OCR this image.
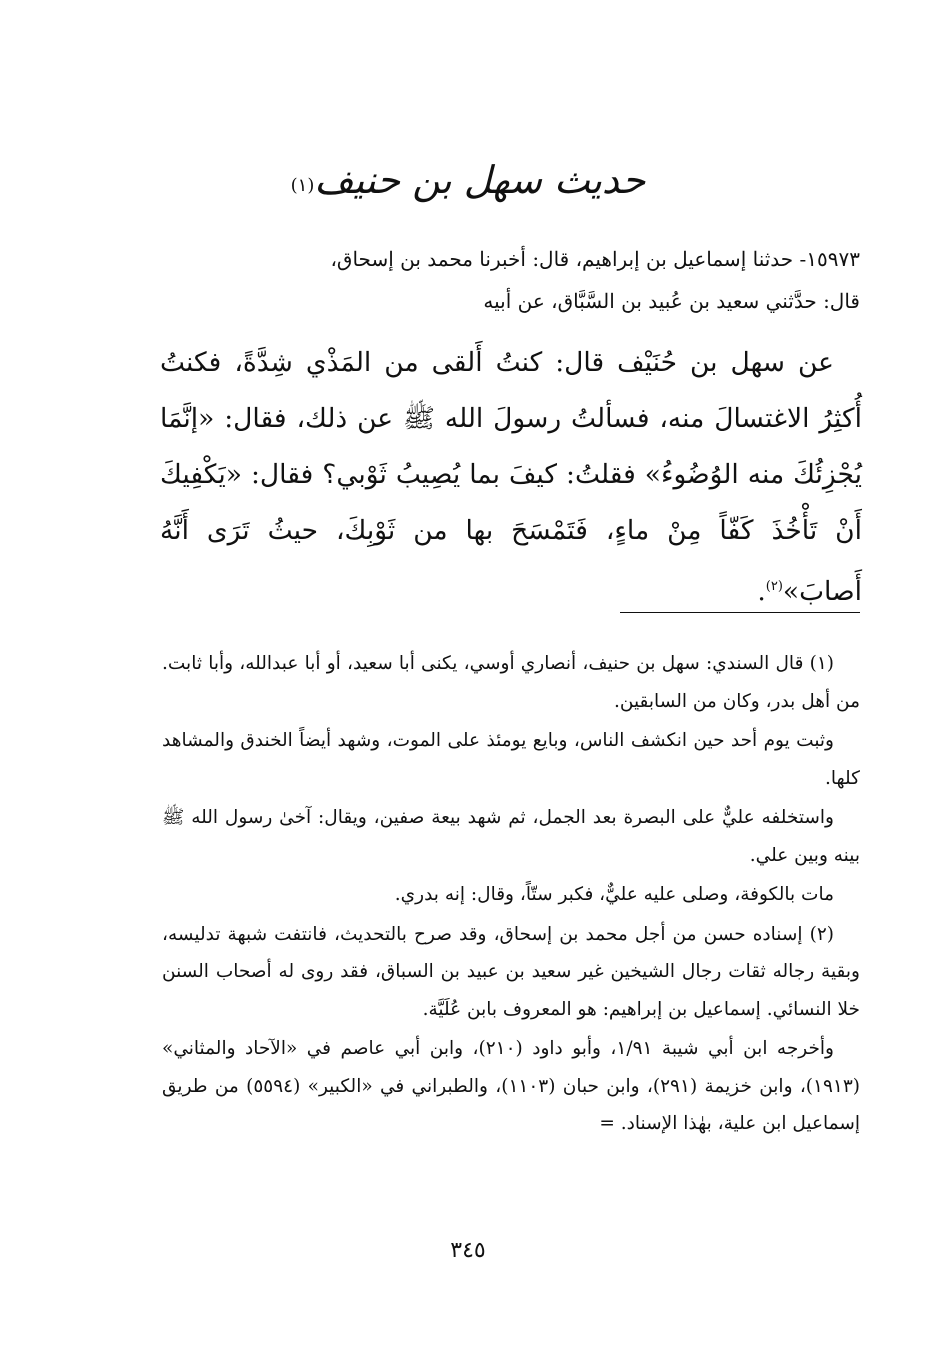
حديث سهل بن حنيف$^{(١)}$

١٥٩٧٣- حدثنا إسماعيل بن إبراهيم، قال: أخبرنا محمد بن إسحاق،

قال: حدَّثني سعيد بن عُبيد بن السَّبَّاق، عن أبيه

عن سهل بن حُنَيْف قال: كنتُ أَلقى من المَذْي شِدَّةً، فكنتُ أُكثِرُ الاغتسالَ منه، فسألتُ رسولَ الله ﷺ عن ذلك، فقال: «إنَّمَا يُجْزِئُكَ منه الوُضُوءُ» فقلتُ: كيفَ بما يُصِيبُ ثَوْبي؟ فقال: «يَكْفِيكَ أَنْ تَأْخُذَ كَفّاً مِنْ ماءٍ، فَتَمْسَحَ بها من ثَوْبِكَ، حيثُ تَرَى أَنَّهُ أَصابَ»$^{(٢)}$.

(١) قال السندي: سهل بن حنيف، أنصاري أوسي، يكنى أبا سعيد، أو أبا عبدالله، وأبا ثابت. من أهل بدر، وكان من السابقين.

وثبت يوم أحد حين انكشف الناس، وبايع يومئذ على الموت، وشهد أيضاً الخندق والمشاهد كلها.

واستخلفه عليٌّ على البصرة بعد الجمل، ثم شهد بيعة صفين، ويقال: آخىٰ رسول الله ﷺ بينه وبين علي.

مات بالكوفة، وصلى عليه عليٌّ، فكبر ستّاً، وقال: إنه بدري.

(٢) إسناده حسن من أجل محمد بن إسحاق، وقد صرح بالتحديث، فانتفت شبهة تدليسه، وبقية رجاله ثقات رجال الشيخين غير سعيد بن عبيد بن السباق، فقد روى له أصحاب السنن خلا النسائي. إسماعيل بن إبراهيم: هو المعروف بابن عُلَيَّة.

وأخرجه ابن أبي شيبة ١/٩١، وأبو داود (٢١٠)، وابن أبي عاصم في «الآحاد والمثاني» (١٩١٣)، وابن خزيمة (٢٩١)، وابن حبان (١١٠٣)، والطبراني في «الكبير» (٥٥٩٤) من طريق إسماعيل ابن علية، بهٰذا الإسناد. =

٣٤٥
